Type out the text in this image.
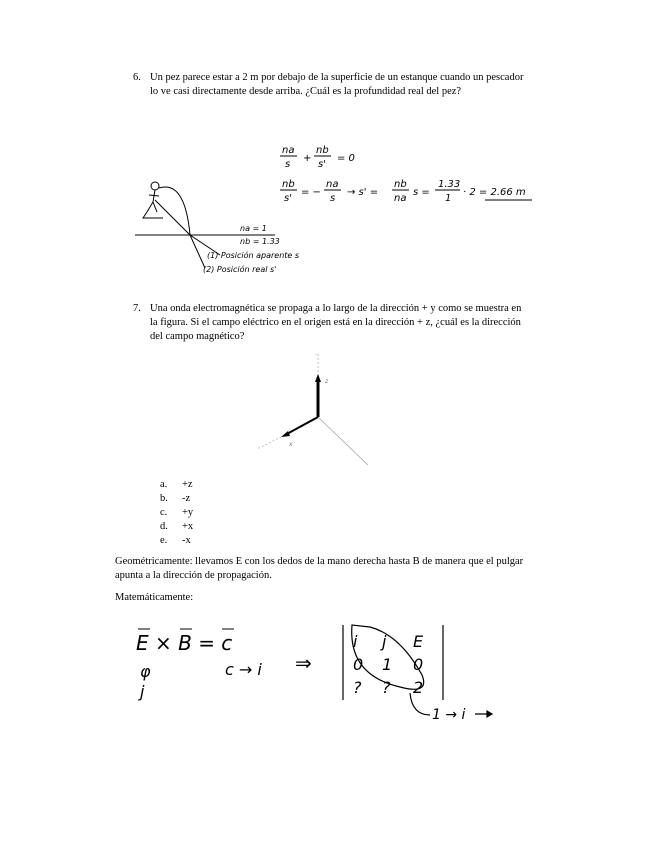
6. Un pez parece estar a 2 m por debajo de la superficie de un estanque cuando un pescador
lo ve casi directamente desde arriba. ¿Cuál es la profundidad real del pez?
na
s
+
nb
s'
= 0
nb
s'
= −
na
s
→ s' =
nb
na
s =
1.33
1
· 2 = 2.66 m
na = 1
nb = 1.33
(1) Posición aparente s
(2) Posición real s'
7. Una onda electromagnética se propaga a lo largo de la dirección + y como se muestra en
la figura. Si el campo eléctrico en el origen está en la dirección + z, ¿cuál es la dirección
del campo magnético?
z
x
·
a. +z
b. -z
c. +y
d. +x
e. -x
Geométricamente: llevamos E con los dedos de la mano derecha hasta B de manera que el pulgar
apunta a la dirección de propagación.
Matemáticamente:
E × B = c
φ
j
c → i ⇒
i j E
0 1 0
? ? 2
1 → i
